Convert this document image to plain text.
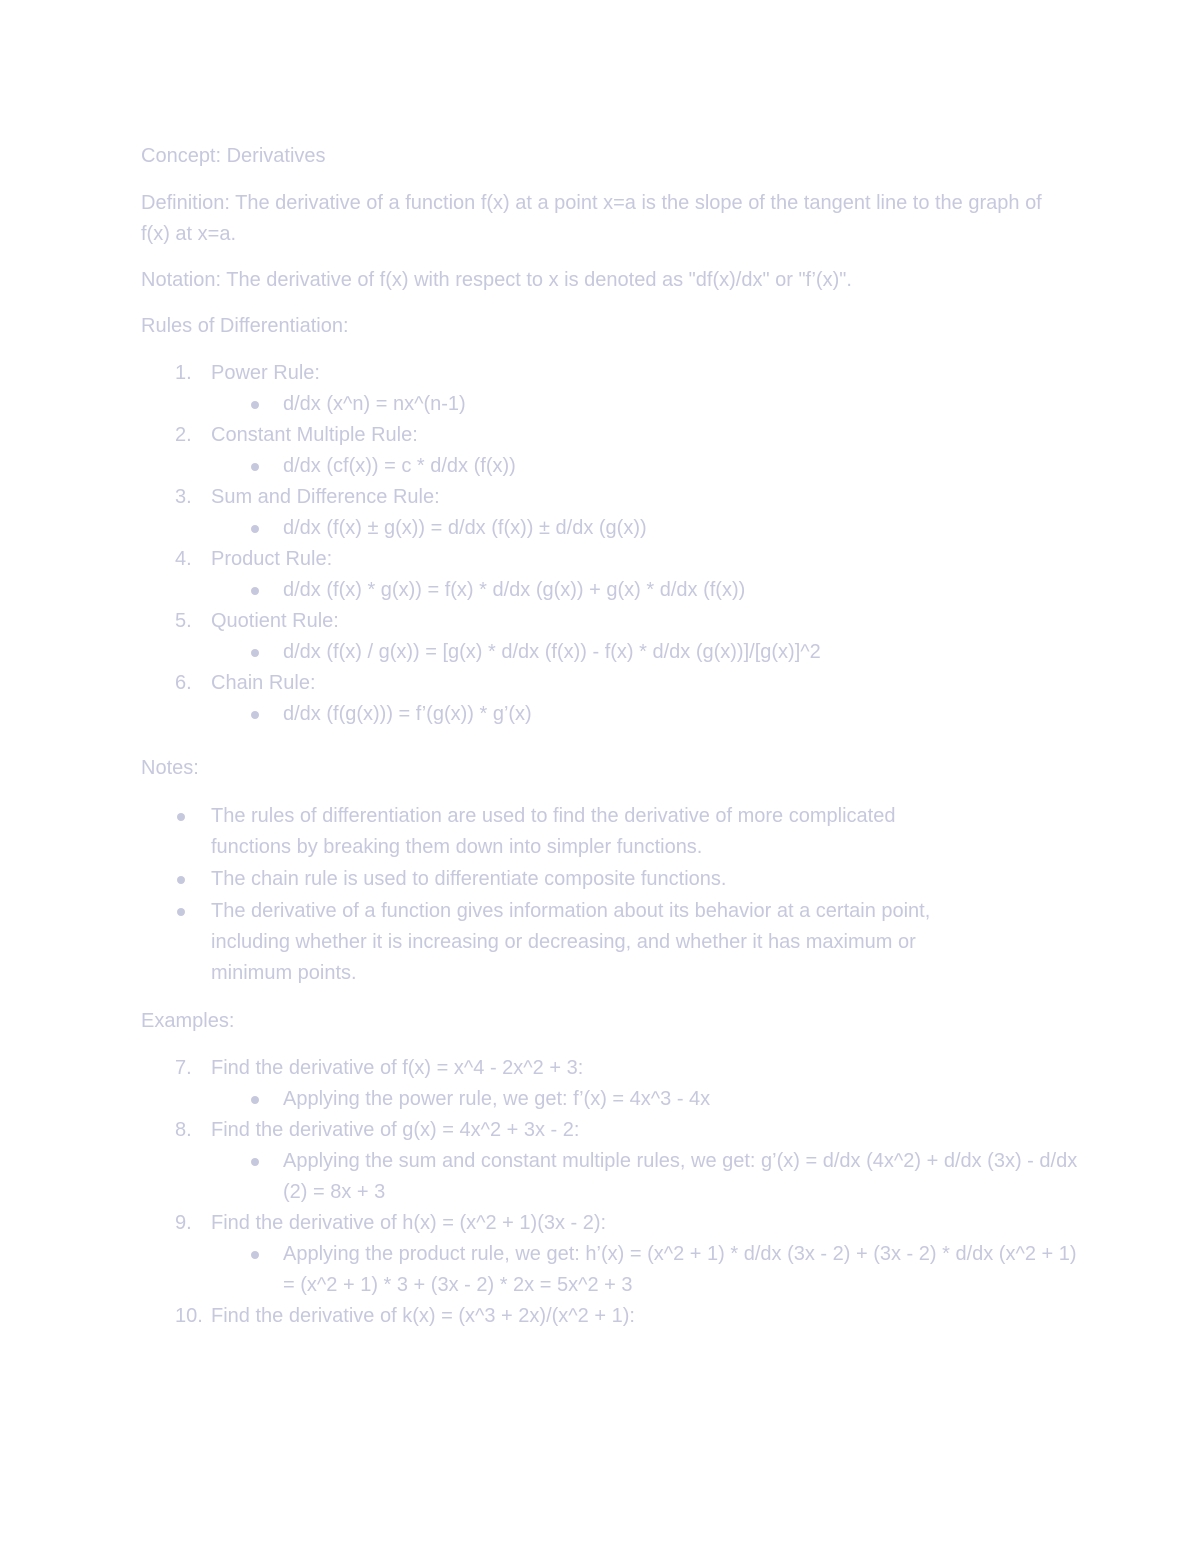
Concept: Derivatives

Definition: The derivative of a function f(x) at a point x=a is the slope of the tangent line to the graph of f(x) at x=a.

Notation: The derivative of f(x) with respect to x is denoted as "df(x)/dx" or "f’(x)".

Rules of Differentiation:

1. Power Rule:
d/dx (x^n) = nx^(n-1)
2. Constant Multiple Rule:
d/dx (cf(x)) = c * d/dx (f(x))
3. Sum and Difference Rule:
d/dx (f(x) ± g(x)) = d/dx (f(x)) ± d/dx (g(x))
4. Product Rule:
d/dx (f(x) * g(x)) = f(x) * d/dx (g(x)) + g(x) * d/dx (f(x))
5. Quotient Rule:
d/dx (f(x) / g(x)) = [g(x) * d/dx (f(x)) - f(x) * d/dx (g(x))]/[g(x)]^2
6. Chain Rule:
d/dx (f(g(x))) = f’(g(x)) * g’(x)

Notes:

The rules of differentiation are used to find the derivative of more complicated functions by breaking them down into simpler functions.
The chain rule is used to differentiate composite functions.
The derivative of a function gives information about its behavior at a certain point, including whether it is increasing or decreasing, and whether it has maximum or minimum points.

Examples:

7. Find the derivative of f(x) = x^4 - 2x^2 + 3:
Applying the power rule, we get: f’(x) = 4x^3 - 4x
8. Find the derivative of g(x) = 4x^2 + 3x - 2:
Applying the sum and constant multiple rules, we get: g’(x) = d/dx (4x^2) + d/dx (3x) - d/dx (2) = 8x + 3
9. Find the derivative of h(x) = (x^2 + 1)(3x - 2):
Applying the product rule, we get: h’(x) = (x^2 + 1) * d/dx (3x - 2) + (3x - 2) * d/dx (x^2 + 1) = (x^2 + 1) * 3 + (3x - 2) * 2x = 5x^2 + 3
10. Find the derivative of k(x) = (x^3 + 2x)/(x^2 + 1):
